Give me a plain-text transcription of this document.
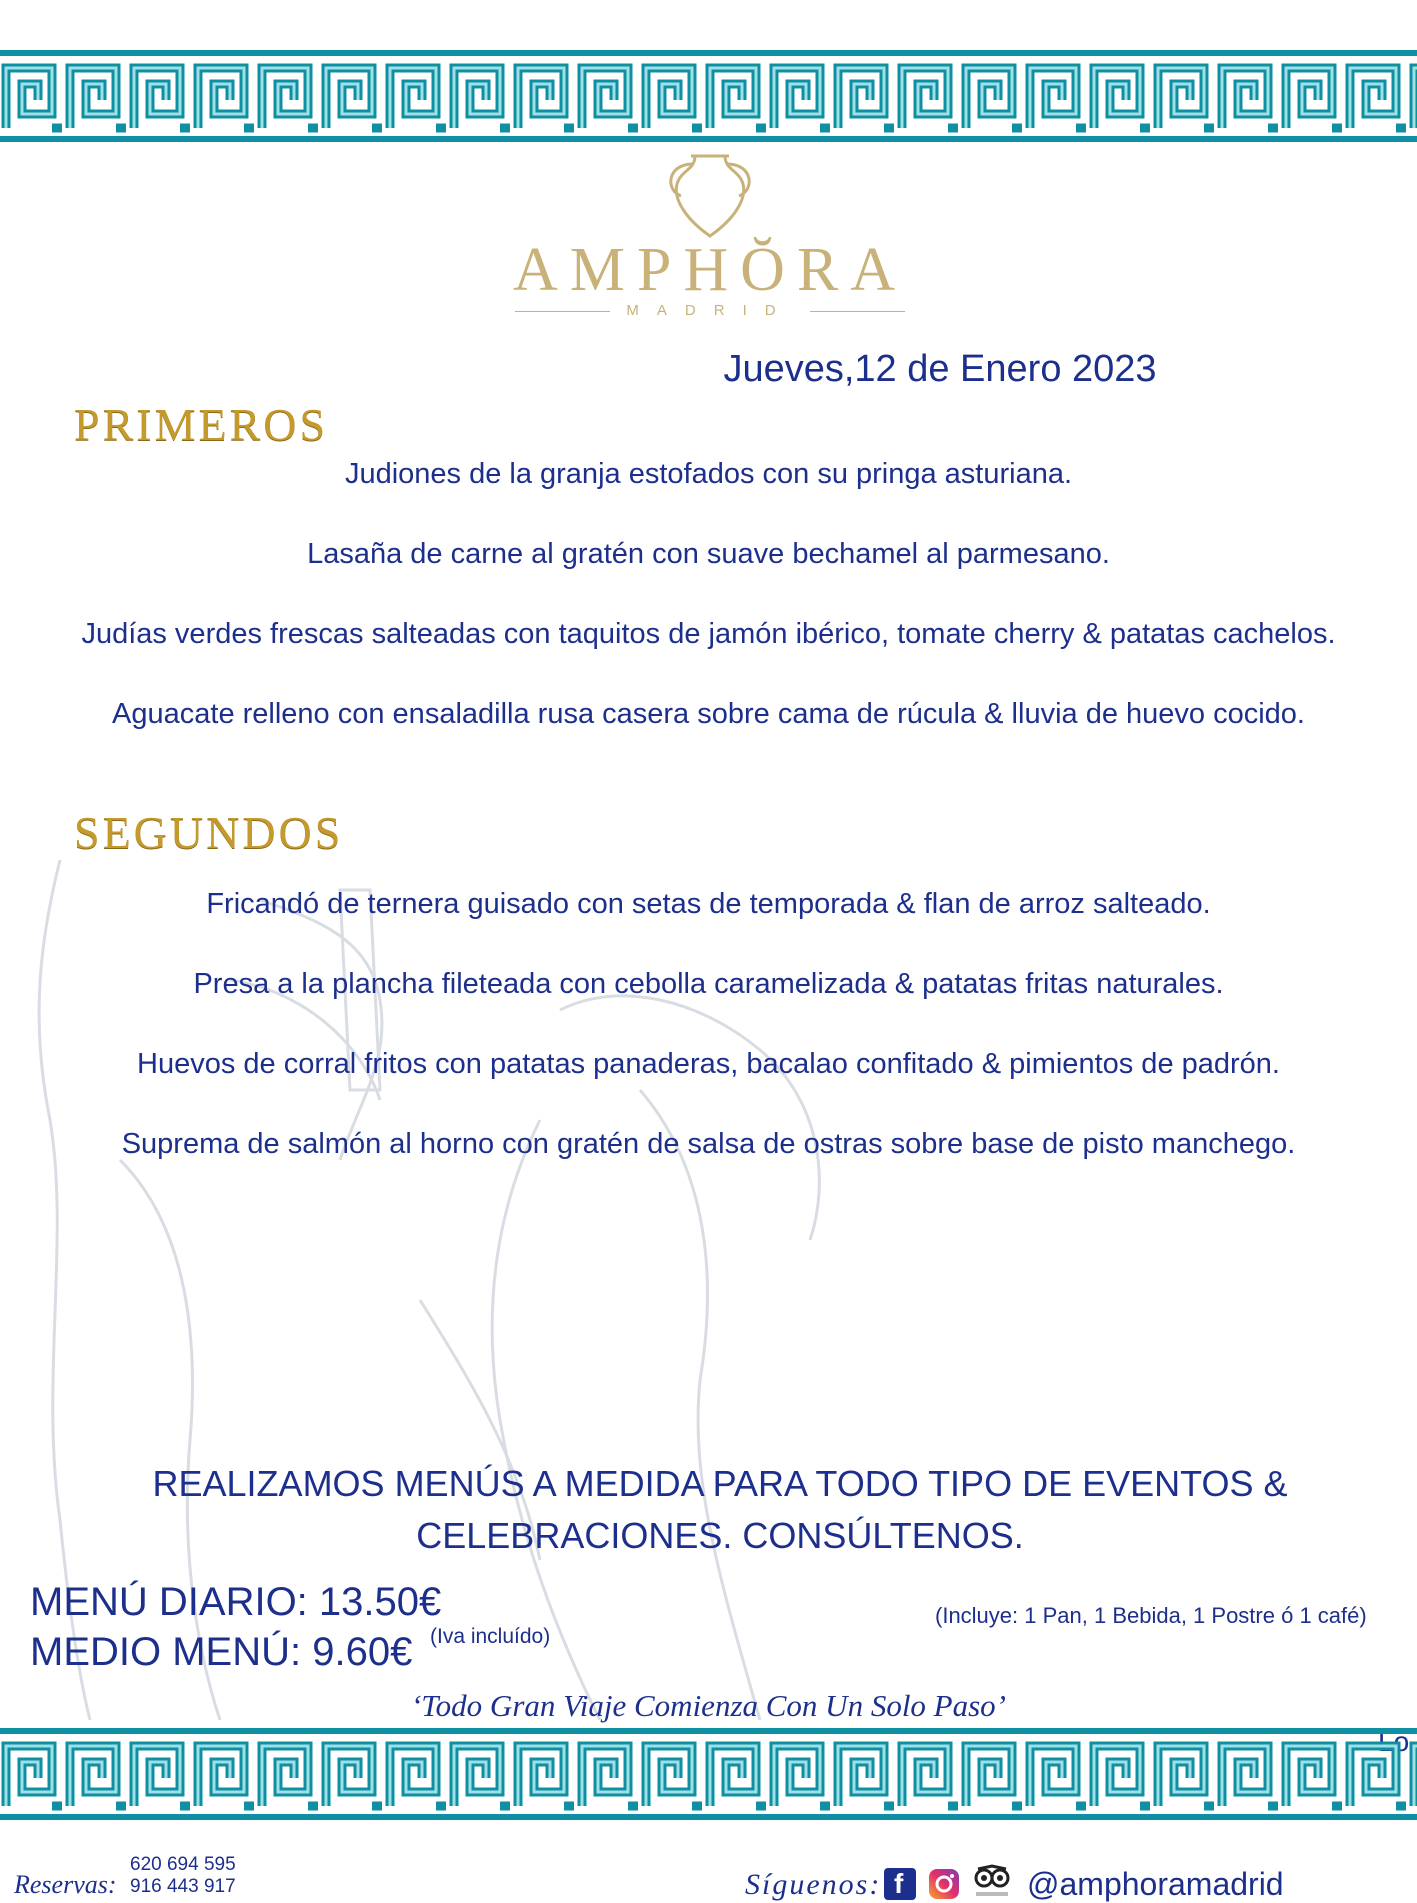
AMPHŎRA
MADRID
Jueves,12 de Enero 2023
PRIMEROS
Judiones de la granja estofados con su pringa asturiana.
Lasaña de carne al gratén con suave bechamel al parmesano.
Judías verdes frescas salteadas con taquitos de jamón ibérico, tomate cherry & patatas cachelos.
Aguacate relleno con ensaladilla rusa casera sobre cama de rúcula & lluvia de huevo cocido.
SEGUNDOS
Fricandó de ternera guisado con setas de temporada & flan de arroz salteado.
Presa a la plancha fileteada con cebolla caramelizada & patatas fritas naturales.
Huevos de corral fritos con patatas panaderas, bacalao confitado & pimientos de padrón.
Suprema de salmón al horno con gratén de salsa de ostras sobre base de pisto manchego.
REALIZAMOS MENÚS A MEDIDA PARA TODO TIPO DE EVENTOS &
CELEBRACIONES. CONSÚLTENOS.
MENÚ DIARIO: 13.50€
MEDIO MENÚ: 9.60€ (Iva incluído)
(Incluye: 1 Pan, 1 Bebida, 1 Postre ó 1 café)
‘Todo Gran Viaje Comienza Con Un Solo Paso’
Reservas:
620 694 595
916 443 917	Síguenos: f	@amphoramadrid
